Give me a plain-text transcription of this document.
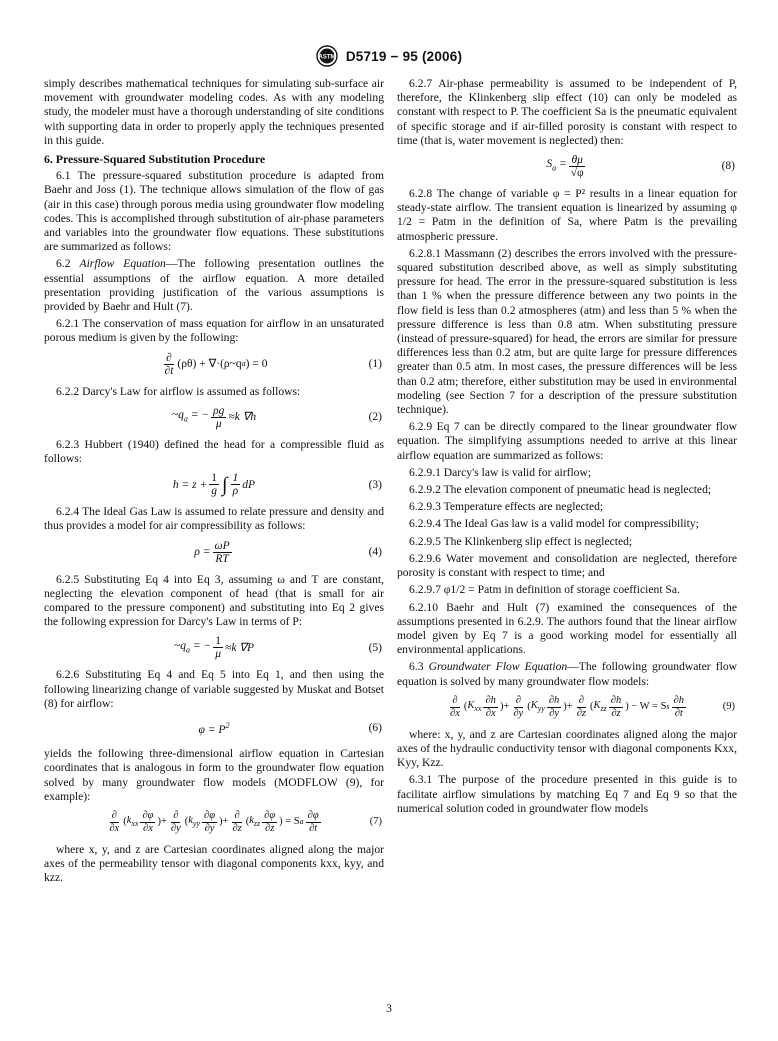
ASTM D5719 − 95 (2006)

simply describes mathematical techniques for simulating sub-surface air movement with groundwater modeling codes. As with any modeling study, the modeler must have a thorough understanding of site conditions with supporting data in order to properly apply the techniques presented in this guide.

6. Pressure-Squared Substitution Procedure

6.1 The pressure-squared substitution procedure is adapted from Baehr and Joss (1). The technique allows simulation of the flow of gas (air in this case) through porous media using groundwater flow modeling codes. This is accomplished through substitution of air-phase parameters and variables into the groundwater flow equations. These substitutions are summarized as follows:

6.2 Airflow Equation—The following presentation outlines the essential assumptions of the airflow equation. A more detailed presentation providing justification of the various assumptions is provided by Baehr and Hult (7).

6.2.1 The conservation of mass equation for airflow in an unsaturated porous medium is given by the following:

$\frac{\partial}{\partial t} (\rho\theta)$ + ∇·(ρ~q a ) = 0	(1)

6.2.2 Darcy's Law for airflow is assumed as follows:

$\sim q_a$ = − $\frac{\rho g}{\mu} \approx k$ ∇h	(2)

6.2.3 Hubbert (1940) defined the head for a compressible fluid as follows:

$h = z + \frac{1}{g}$ ∫ $\frac{1}{\rho}$ dP	(3)

6.2.4 The Ideal Gas Law is assumed to relate pressure and density and thus provides a model for air compressibility as follows:

$\rho = \frac{\omega P}{RT}$	(4)

6.2.5 Substituting Eq 4 into Eq 3, assuming ω and T are constant, neglecting the elevation component of head (that is small for air compared to the pressure component) and substituting into Eq 2 gives the following expression for Darcy's Law in terms of P:

$\sim q_a$ = − $\frac{1}{\mu} \approx k$ ∇P	(5)

6.2.6 Substituting Eq 4 and Eq 5 into Eq 1, and then using the following linearizing change of variable suggested by Muskat and Botset (8) for airflow:

$\varphi = P^2$	(6)

yields the following three-dimensional airflow equation in Cartesian coordinates that is analogous in form to the groundwater flow equation solved by many groundwater flow models (MODFLOW (9), for example):

$\frac{\partial}{\partial x}$ ( $k_{xx} \frac{\partial\varphi}{\partial x}$ )+ $\frac{\partial}{\partial y}$ ( $k_{yy} \frac{\partial\varphi}{\partial y}$ )+ $\frac{\partial}{\partial z}$ ( $k_{zz} \frac{\partial\varphi}{\partial z}$ ) = S a $\frac{\partial\varphi}{\partial t}$	(7)

where x, y, and z are Cartesian coordinates aligned along the major axes of the permeability tensor with diagonal components kxx, kyy, and kzz.

6.2.7 Air-phase permeability is assumed to be independent of P, therefore, the Klinkenberg slip effect (10) can only be modeled as constant with respect to P. The coefficient Sa is the pneumatic equivalent of specific storage and if air-filled porosity is constant with respect to time (that is, water movement is neglected) then:

$S_a = \frac{\theta\mu}{√\varphi}$	(8)

6.2.8 The change of variable φ = P² results in a linear equation for steady-state airflow. The transient equation is linearized by assuming φ 1/2 = Patm in the definition of Sa, where Patm is the prevailing atmospheric pressure.

6.2.8.1 Massmann (2) describes the errors involved with the pressure-squared substitution described above, as well as simply substituting pressure for head. The error in the pressure-squared substitution is less than 1 % when the pressure difference between any two points in the flow field is less than 0.2 atmospheres (atm) and less than 5 % when the pressure difference is less than 0.8 atm. When substituting pressure (instead of pressure-squared) for head, the errors are similar for pressure differences less than 0.2 atm, but are quite large for pressure differences greater than 0.5 atm. In most cases, the pressure differences will be less than 0.2 atm; therefore, either substitution may be used in environmental modeling (see Section 7 for a description of the pressure substitution technique).

6.2.9 Eq 7 can be directly compared to the linear groundwater flow equation. The simplifying assumptions needed to arrive at this linear airflow equation are summarized as follows:

6.2.9.1 Darcy's law is valid for airflow;

6.2.9.2 The elevation component of pneumatic head is neglected;

6.2.9.3 Temperature effects are neglected;

6.2.9.4 The Ideal Gas law is a valid model for compressibility;

6.2.9.5 The Klinkenberg slip effect is neglected;

6.2.9.6 Water movement and consolidation are neglected, therefore porosity is constant with respect to time; and

6.2.9.7 φ1/2 = Patm in definition of storage coefficient Sa.

6.2.10 Baehr and Hult (7) examined the consequences of the assumptions presented in 6.2.9. The authors found that the linear airflow model given by Eq 7 is a good working model for essentially all environmental applications.

6.3 Groundwater Flow Equation—The following groundwater flow equation is solved by many groundwater flow models:

$\frac{\partial}{\partial x}$ ( $K_{xx} \frac{\partial h}{\partial x}$ )+ $\frac{\partial}{\partial y}$ ( $K_{yy} \frac{\partial h}{\partial y}$ )+ $\frac{\partial}{\partial z}$ ( $K_{zz} \frac{\partial h}{\partial z}$ ) − W = S s $\frac{\partial h}{\partial t}$	(9)

where: x, y, and z are Cartesian coordinates aligned along the major axes of the hydraulic conductivity tensor with diagonal components Kxx, Kyy, Kzz.

6.3.1 The purpose of the procedure presented in this guide is to facilitate airflow simulations by matching Eq 7 and Eq 9 so that the numerical solution coded in groundwater flow models

3
